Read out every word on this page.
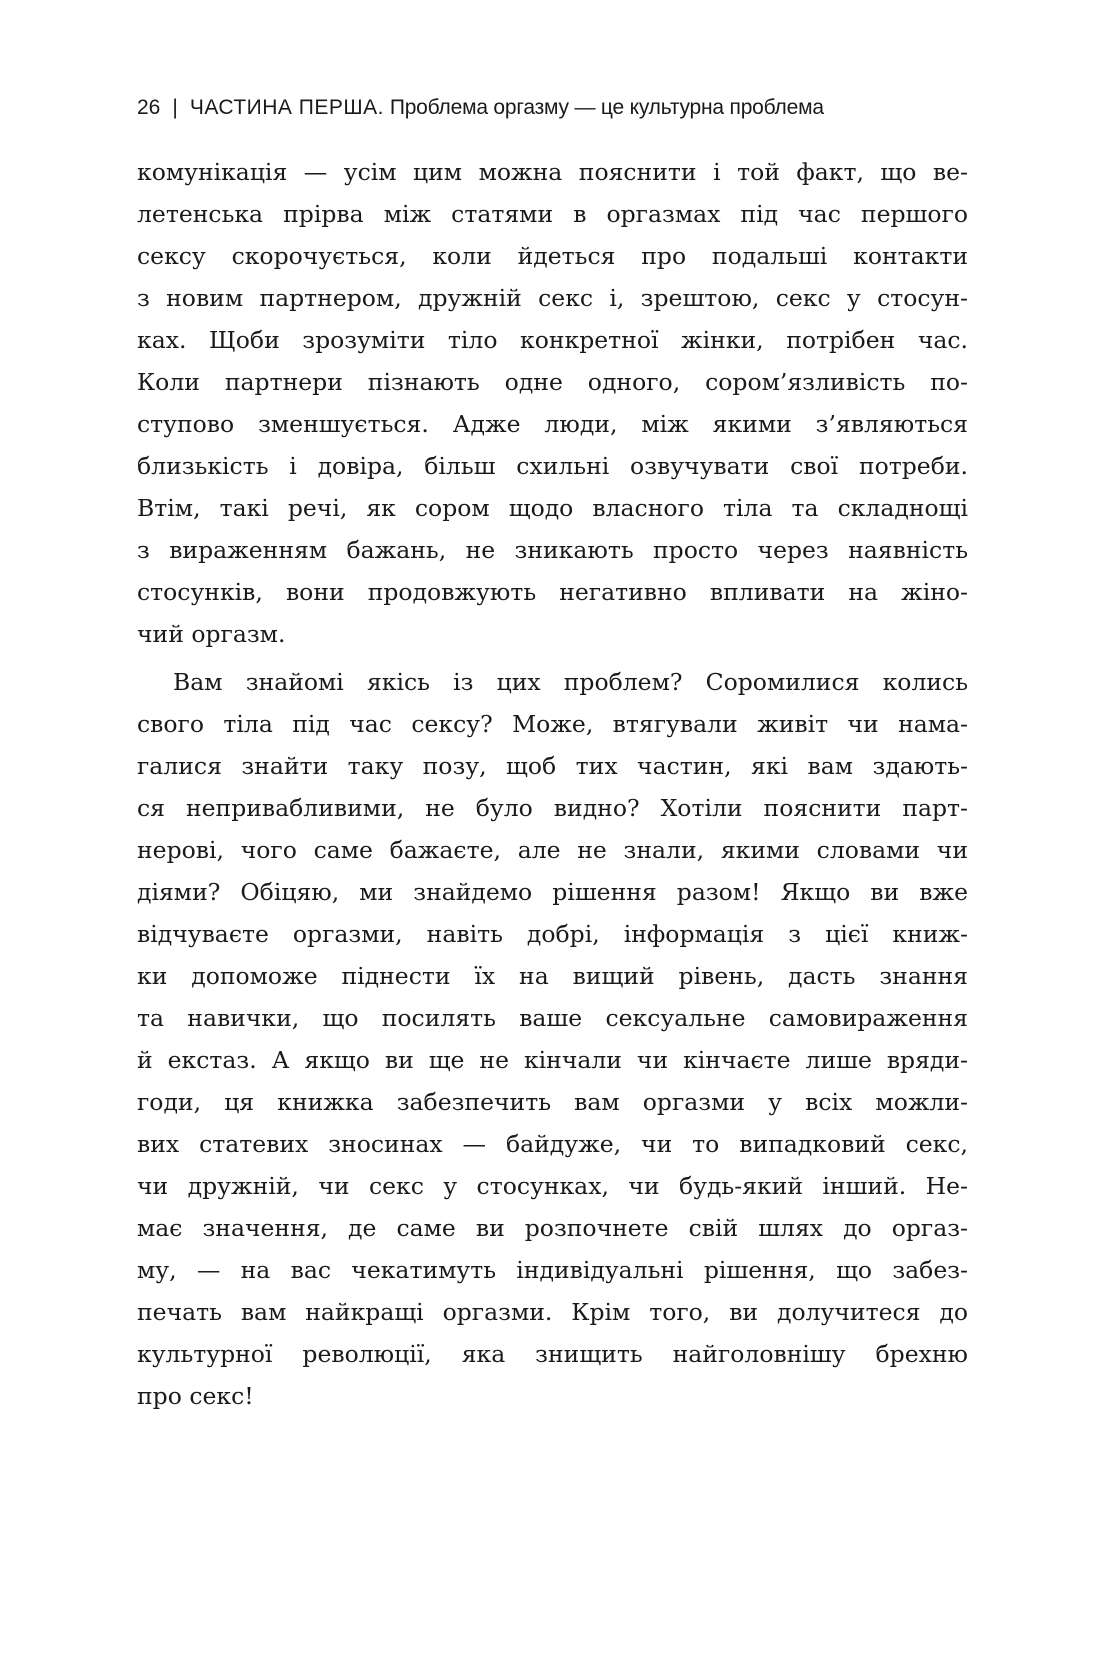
26 | ЧАСТИНА ПЕРША. Проблема оргазму — це культурна проблема
комунікація — усім цим можна пояснити і той факт, що ве-
летенська прірва між статями в оргазмах під час першого
сексу скорочується, коли йдеться про подальші контакти
з новим партнером, дружній секс і, зрештою, секс у стосун-
ках. Щоби зрозуміти тіло конкретної жінки, потрібен час.
Коли партнери пізнають одне одного, сором’язливість по-
ступово зменшується. Адже люди, між якими з’являються
близькість і довіра, більш схильні озвучувати свої потреби.
Втім, такі речі, як сором щодо власного тіла та складнощі
з вираженням бажань, не зникають просто через наявність
стосунків, вони продовжують негативно впливати на жіно-
чий оргазм.
Вам знайомі якісь із цих проблем? Соромилися колись
свого тіла під час сексу? Може, втягували живіт чи нама-
галися знайти таку позу, щоб тих частин, які вам здають-
ся непривабливими, не було видно? Хотіли пояснити парт-
нерові, чого саме бажаєте, але не знали, якими словами чи
діями? Обіцяю, ми знайдемо рішення разом! Якщо ви вже
відчуваєте оргазми, навіть добрі, інформація з цієї книж-
ки допоможе піднести їх на вищий рівень, дасть знання
та навички, що посилять ваше сексуальне самовираження
й екстаз. А якщо ви ще не кінчали чи кінчаєте лише вряди-
годи, ця книжка забезпечить вам оргазми у всіх можли-
вих статевих зносинах — байдуже, чи то випадковий секс,
чи дружній, чи секс у стосунках, чи будь-який інший. Не-
має значення, де саме ви розпочнете свій шлях до оргаз-
му, — на вас чекатимуть індивідуальні рішення, що забез-
печать вам найкращі оргазми. Крім того, ви долучитеся до
культурної революції, яка знищить найголовнішу брехню
про секс!
